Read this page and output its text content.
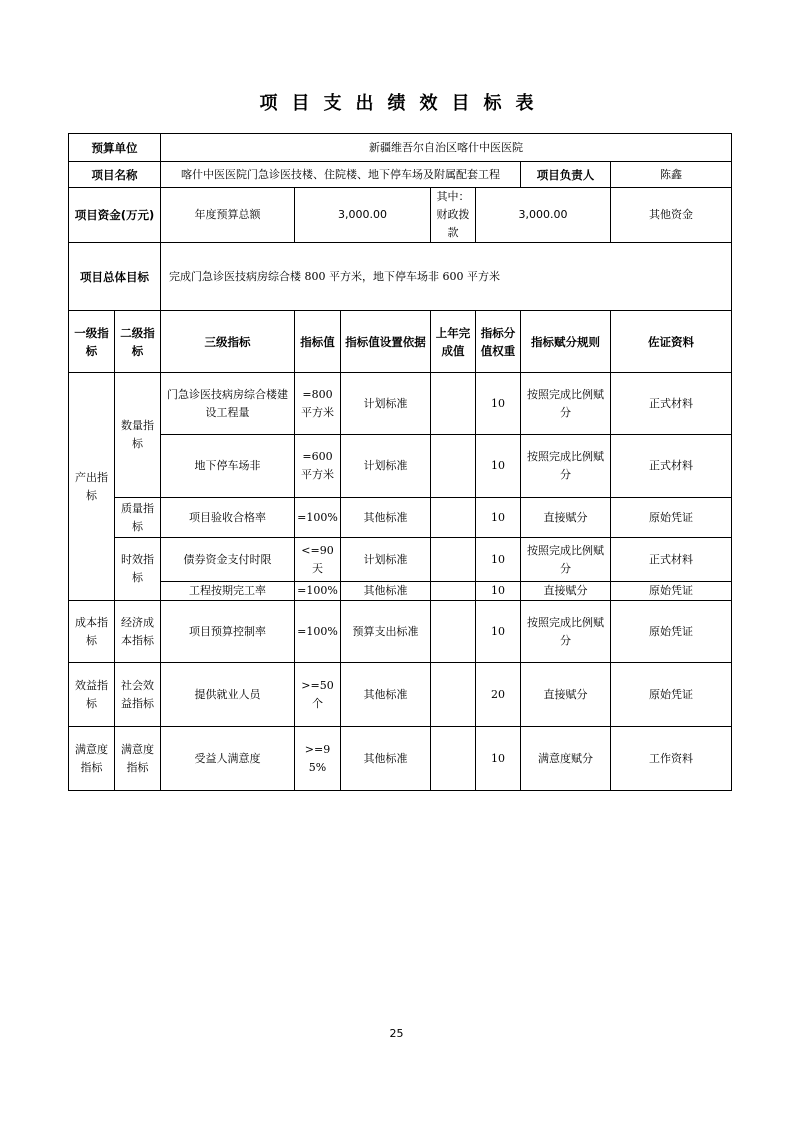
项目支出绩效目标表
预算单位		新疆维吾尔自治区喀什中医医院							
项目名称		喀什中医医院门急诊医技楼、住院楼、地下停车场及附属配套工程					项目负责人	陈鑫	
项目资金(万元)		年度预算总额	3,000.00		其中：财政拨款	3,000.00		其他资金	
项目总体目标		完成门急诊医技病房综合楼 800 平方米，地下停车场非 600 平方米							
一级指标	二级指标	三级指标	指标值	指标值设置依据	上年完成值	指标分值权重	指标赋分规则	佐证资料	
产出指标	数量指标	门急诊医技病房综合楼建设工程量	=800平方米	计划标准		10	按照完成比例赋分	正式材料	
		地下停车场非	=600平方米	计划标准		10	按照完成比例赋分	正式材料	
	质量指标	项目验收合格率	=100%	其他标准		10	直接赋分	原始凭证	
	时效指标	债券资金支付时限	<=90天	计划标准		10	按照完成比例赋分	正式材料	
		工程按期完工率	=100%	其他标准		10	直接赋分	原始凭证	
成本指标	经济成本指标	项目预算控制率	=100%	预算支出标准		10	按照完成比例赋分	原始凭证	
效益指标	社会效益指标	提供就业人员	>=50个	其他标准		20	直接赋分	原始凭证	
满意度指标	满意度指标	受益人满意度	>=95%	其他标准		10	满意度赋分	工作资料	
25
